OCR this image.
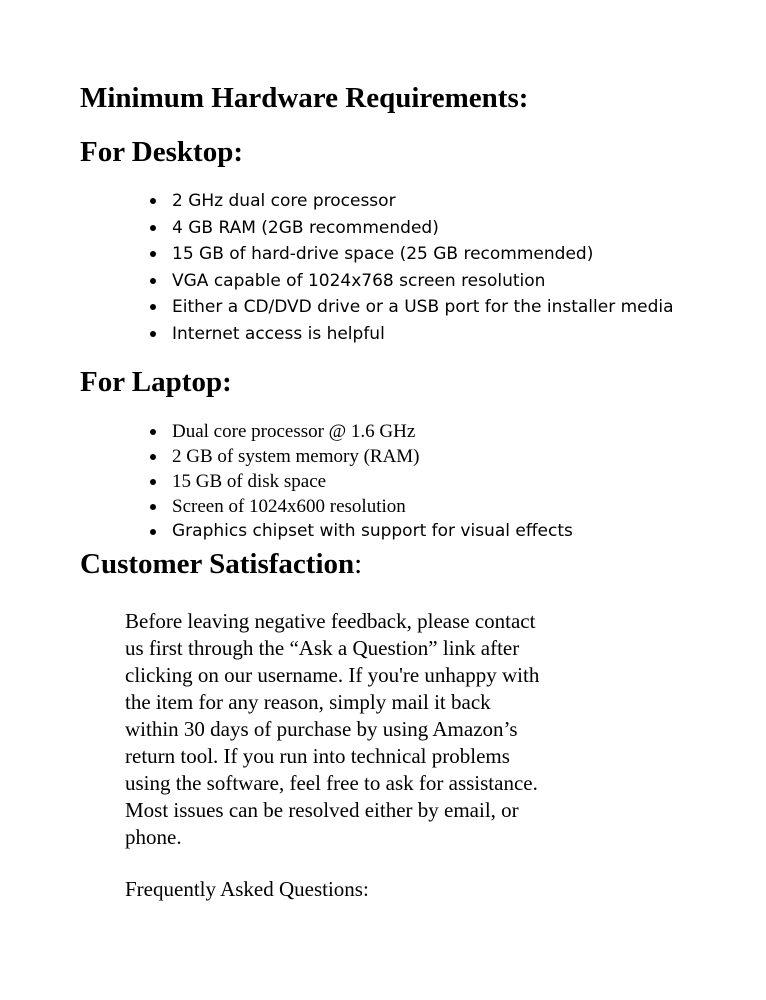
Minimum Hardware Requirements:
For Desktop:
2 GHz dual core processor
4 GB RAM (2GB recommended)
15 GB of hard-drive space (25 GB recommended)
VGA capable of 1024x768 screen resolution
Either a CD/DVD drive or a USB port for the installer media
Internet access is helpful
For Laptop:
Dual core processor @ 1.6 GHz
2 GB of system memory (RAM)
15 GB of disk space
Screen of 1024x600 resolution
Graphics chipset with support for visual effects
Customer Satisfaction:
Before leaving negative feedback, please contact
us first through the “Ask a Question” link after
clicking on our username. If you're unhappy with
the item for any reason, simply mail it back
within 30 days of purchase by using Amazon’s
return tool. If you run into technical problems
using the software, feel free to ask for assistance.
Most issues can be resolved either by email, or
phone.
Frequently Asked Questions:
